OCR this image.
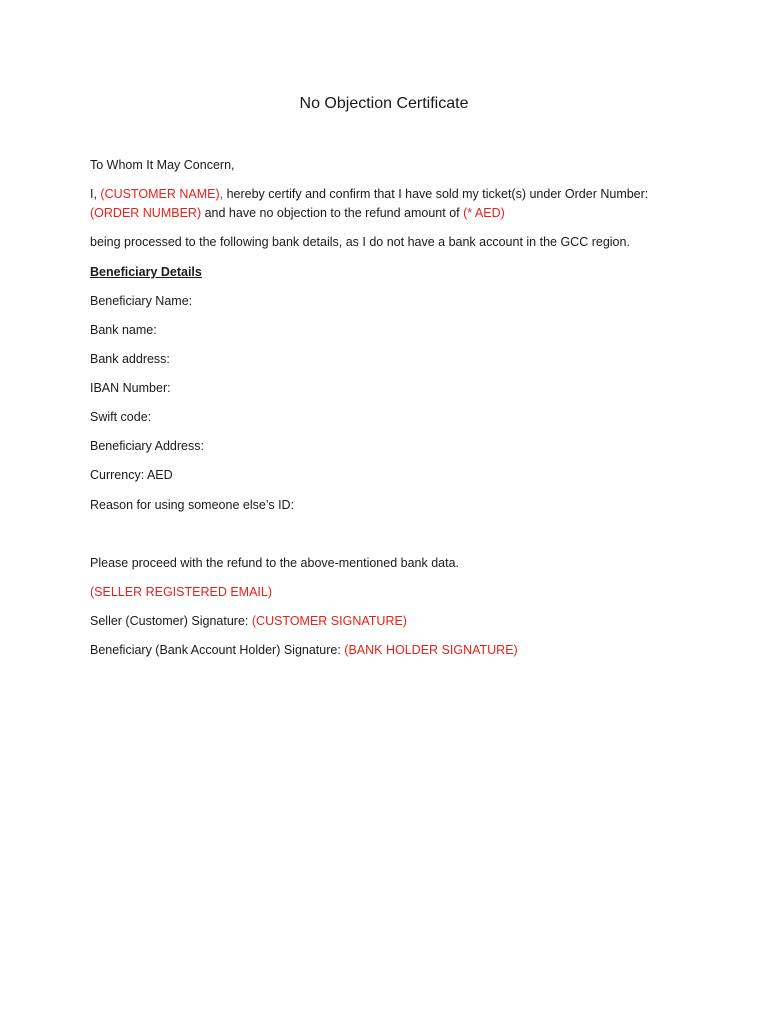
No Objection Certificate
To Whom It May Concern,
I, (CUSTOMER NAME), hereby certify and confirm that I have sold my ticket(s) under Order Number:
(ORDER NUMBER) and have no objection to the refund amount of (* AED)
being processed to the following bank details, as I do not have a bank account in the GCC region.
Beneficiary Details
Beneficiary Name:
Bank name:
Bank address:
IBAN Number:
Swift code:
Beneficiary Address:
Currency: AED
Reason for using someone else’s ID:
Please proceed with the refund to the above-mentioned bank data.
(SELLER REGISTERED EMAIL)
Seller (Customer) Signature: (CUSTOMER SIGNATURE)
Beneficiary (Bank Account Holder) Signature: (BANK HOLDER SIGNATURE)
